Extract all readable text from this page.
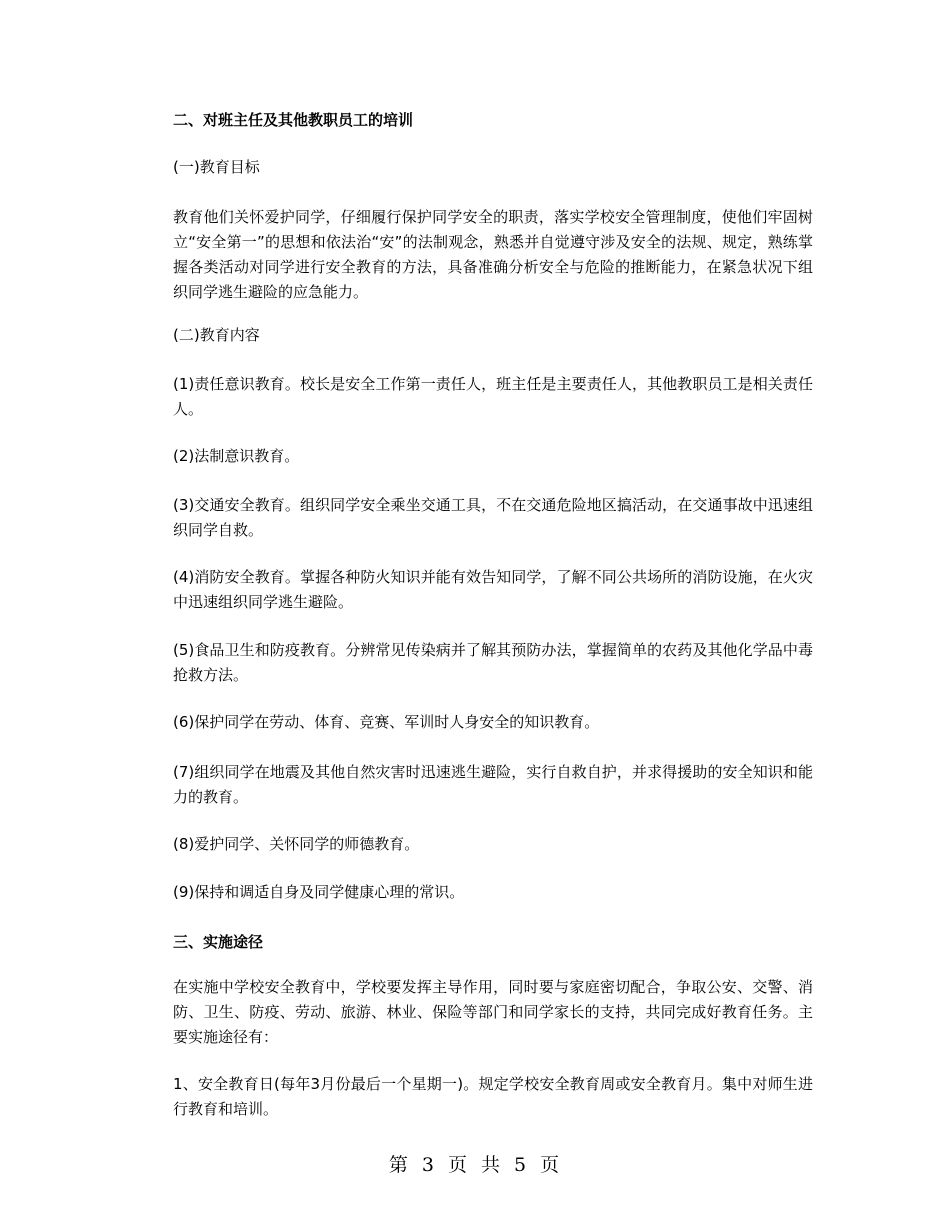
二、对班主任及其他教职员工的培训

(一)教育目标

教育他们关怀爱护同学，仔细履行保护同学安全的职责，落实学校安全管理制度，使他们牢固树立“安全第一”的思想和依法治“安”的法制观念，熟悉并自觉遵守涉及安全的法规、规定，熟练掌握各类活动对同学进行安全教育的方法，具备准确分析安全与危险的推断能力，在紧急状况下组织同学逃生避险的应急能力。

(二)教育内容

(1)责任意识教育。校长是安全工作第一责任人，班主任是主要责任人，其他教职员工是相关责任人。

(2)法制意识教育。

(3)交通安全教育。组织同学安全乘坐交通工具，不在交通危险地区搞活动，在交通事故中迅速组织同学自救。

(4)消防安全教育。掌握各种防火知识并能有效告知同学，了解不同公共场所的消防设施，在火灾中迅速组织同学逃生避险。

(5)食品卫生和防疫教育。分辨常见传染病并了解其预防办法，掌握简单的农药及其他化学品中毒抢救方法。

(6)保护同学在劳动、体育、竞赛、军训时人身安全的知识教育。

(7)组织同学在地震及其他自然灾害时迅速逃生避险，实行自救自护，并求得援助的安全知识和能力的教育。

(8)爱护同学、关怀同学的师德教育。

(9)保持和调适自身及同学健康心理的常识。

三、实施途径

在实施中学校安全教育中，学校要发挥主导作用，同时要与家庭密切配合，争取公安、交警、消防、卫生、防疫、劳动、旅游、林业、保险等部门和同学家长的支持，共同完成好教育任务。主要实施途径有：

1、安全教育日(每年3月份最后一个星期一)。规定学校安全教育周或安全教育月。集中对师生进行教育和培训。

第 3 页 共 5 页
